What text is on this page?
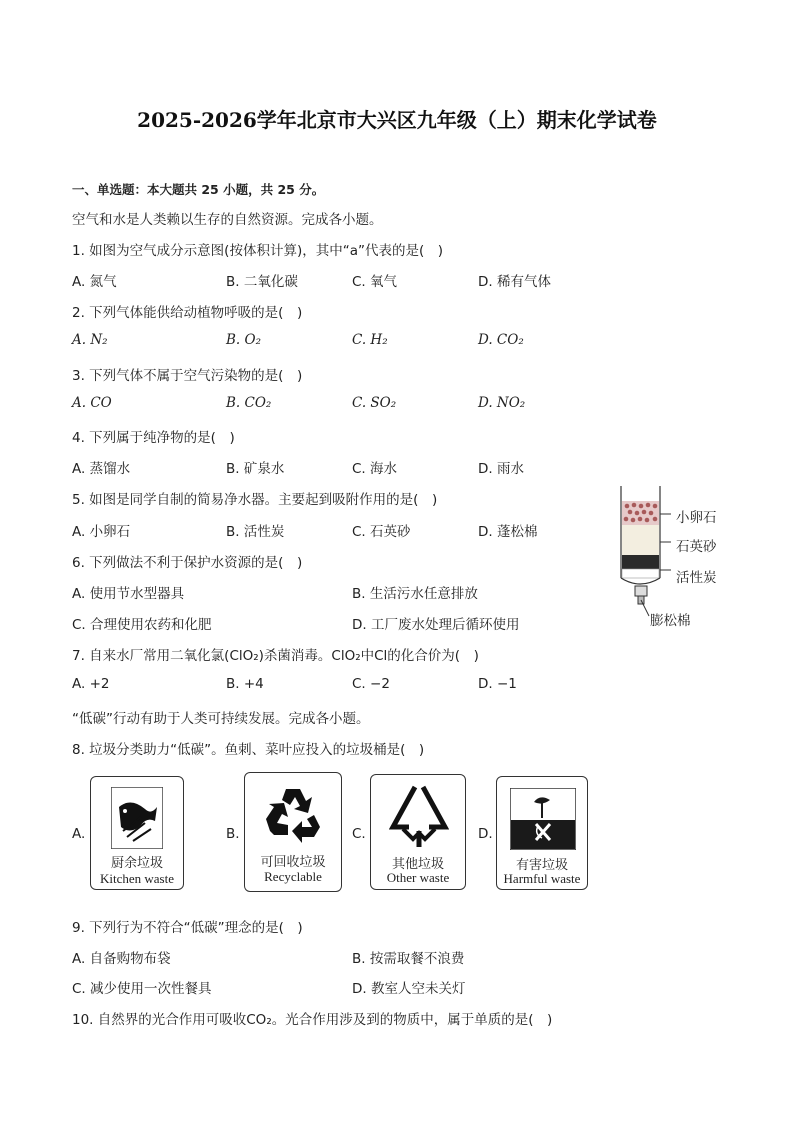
2025-2026学年北京市大兴区九年级（上）期末化学试卷
一、单选题：本大题共 25 小题，共 25 分。
空气和水是人类赖以生存的自然资源。完成各小题。
1. 如图为空气成分示意图(按体积计算)，其中“a”代表的是(　)
A. 氮气	B. 二氧化碳	C. 氧气	D. 稀有气体
2. 下列气体能供给动植物呼吸的是(　)
A. N₂	B. O₂	C. H₂	D. CO₂
3. 下列气体不属于空气污染物的是(　)
A. CO	B. CO₂	C. SO₂	D. NO₂
4. 下列属于纯净物的是(　)
A. 蒸馏水	B. 矿泉水	C. 海水	D. 雨水
5. 如图是同学自制的简易净水器。主要起到吸附作用的是(　)
A. 小卵石	B. 活性炭	C. 石英砂	D. 蓬松棉
小卵石
石英砂
活性炭
膨松棉
6. 下列做法不利于保护水资源的是(　)
A. 使用节水型器具	B. 生活污水任意排放
C. 合理使用农药和化肥	D. 工厂废水处理后循环使用
7. 自来水厂常用二氧化氯(ClO₂)杀菌消毒。ClO₂中Cl的化合价为(　)
A. +2	B. +4	C. −2	D. −1
“低碳”行动有助于人类可持续发展。完成各小题。
8. 垃圾分类助力“低碳”。鱼刺、菜叶应投入的垃圾桶是(　)
A.
厨余垃圾
Kitchen waste
B.
可回收垃圾
Recyclable
C.
其他垃圾
Other waste
D.
有害垃圾
Harmful waste
9. 下列行为不符合“低碳”理念的是(　)
A. 自备购物布袋	B. 按需取餐不浪费
C. 减少使用一次性餐具	D. 教室人空未关灯
10. 自然界的光合作用可吸收CO₂。光合作用涉及到的物质中，属于单质的是(　)
